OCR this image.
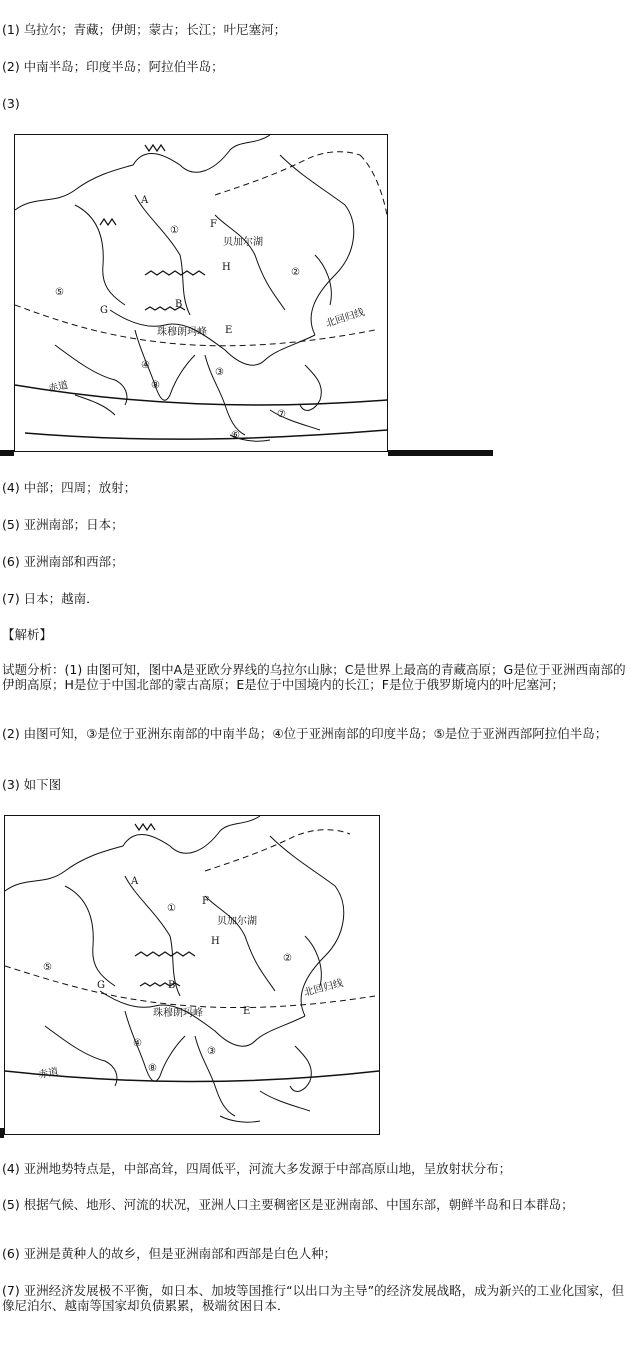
(1) 乌拉尔；青藏；伊朗；蒙古；长江；叶尼塞河；
(2) 中南半岛；印度半岛；阿拉伯半岛；
(3)
A
B
E
F
G
H
①
②
③
④
⑤
⑥
⑦
⑧
贝加尔湖
珠穆朗玛峰
北回归线
赤道
(4) 中部；四周；放射；
(5) 亚洲南部；日本；
(6) 亚洲南部和西部；
(7) 日本；越南．
【解析】
试题分析：(1) 由图可知，图中A是亚欧分界线的乌拉尔山脉；C是世界上最高的青藏高原；G是位于亚洲西南部的伊朗高原；H是位于中国北部的蒙古高原；E是位于中国境内的长江；F是位于俄罗斯境内的叶尼塞河；
(2) 由图可知，③是位于亚洲东南部的中南半岛；④位于亚洲南部的印度半岛；⑤是位于亚洲西部阿拉伯半岛；
(3) 如下图
A
B
E
F
G
H
①
②
③
④
⑤
⑧
贝加尔湖
珠穆朗玛峰
北回归线
赤道
(4) 亚洲地势特点是，中部高耸，四周低平，河流大多发源于中部高原山地，呈放射状分布；
(5) 根据气候、地形、河流的状况，亚洲人口主要稠密区是亚洲南部、中国东部，朝鲜半岛和日本群岛；
(6) 亚洲是黄种人的故乡，但是亚洲南部和西部是白色人种；
(7) 亚洲经济发展极不平衡，如日本、加坡等国推行“以出口为主导”的经济发展战略，成为新兴的工业化国家，但像尼泊尔、越南等国家却负债累累，极端贫困日本．
